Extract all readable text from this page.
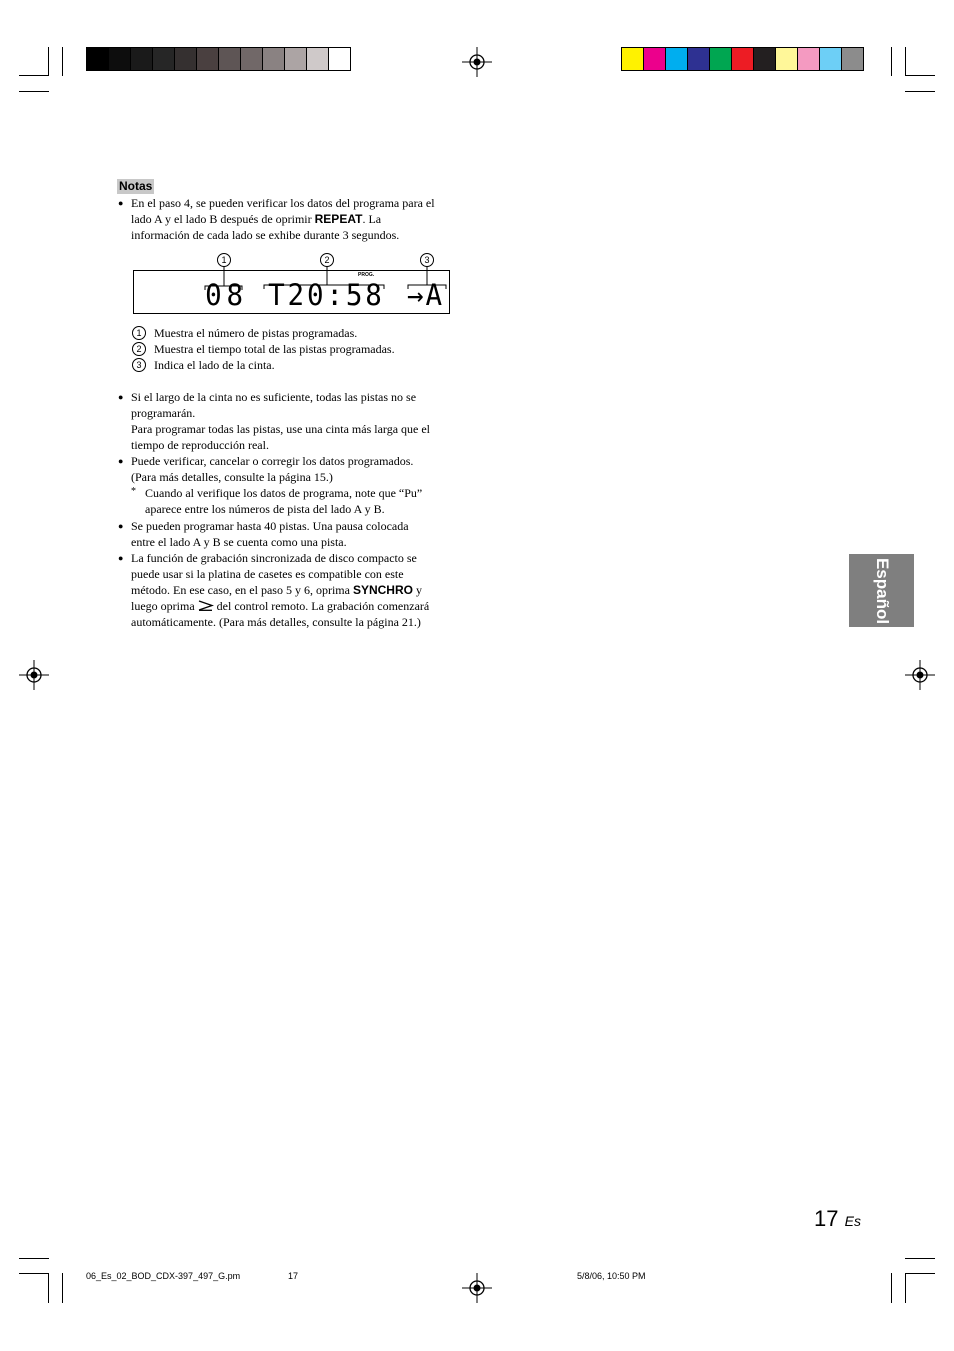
Notas
● En el paso 4, se pueden verificar los datos del programa para el
lado A y el lado B después de oprimir REPEAT. La
información de cada lado se exhibe durante 3 segundos.
1	2	3
08 T20:58 →A
PROG.
1	Muestra el número de pistas programadas.
2	Muestra el tiempo total de las pistas programadas.
3	Indica el lado de la cinta.
● Si el largo de la cinta no es suficiente, todas las pistas no se
programarán.
Para programar todas las pistas, use una cinta más larga que el
tiempo de reproducción real.
● Puede verificar, cancelar o corregir los datos programados.
(Para más detalles, consulte la página 15.)
* Cuando al verifique los datos de programa, note que “Pu”
aparece entre los números de pista del lado A y B.
● Se pueden programar hasta 40 pistas. Una pausa colocada
entre el lado A y B se cuenta como una pista.
● La función de grabación sincronizada de disco compacto se
puede usar si la platina de casetes es compatible con este
método. En ese caso, en el paso 5 y 6, oprima SYNCHRO y
luego oprima  del control remoto. La grabación comenzará
automáticamente. (Para más detalles, consulte la página 21.)	Español
17 Es
06_Es_02_BOD_CDX-397_497_G.pm	17	5/8/06, 10:50 PM
